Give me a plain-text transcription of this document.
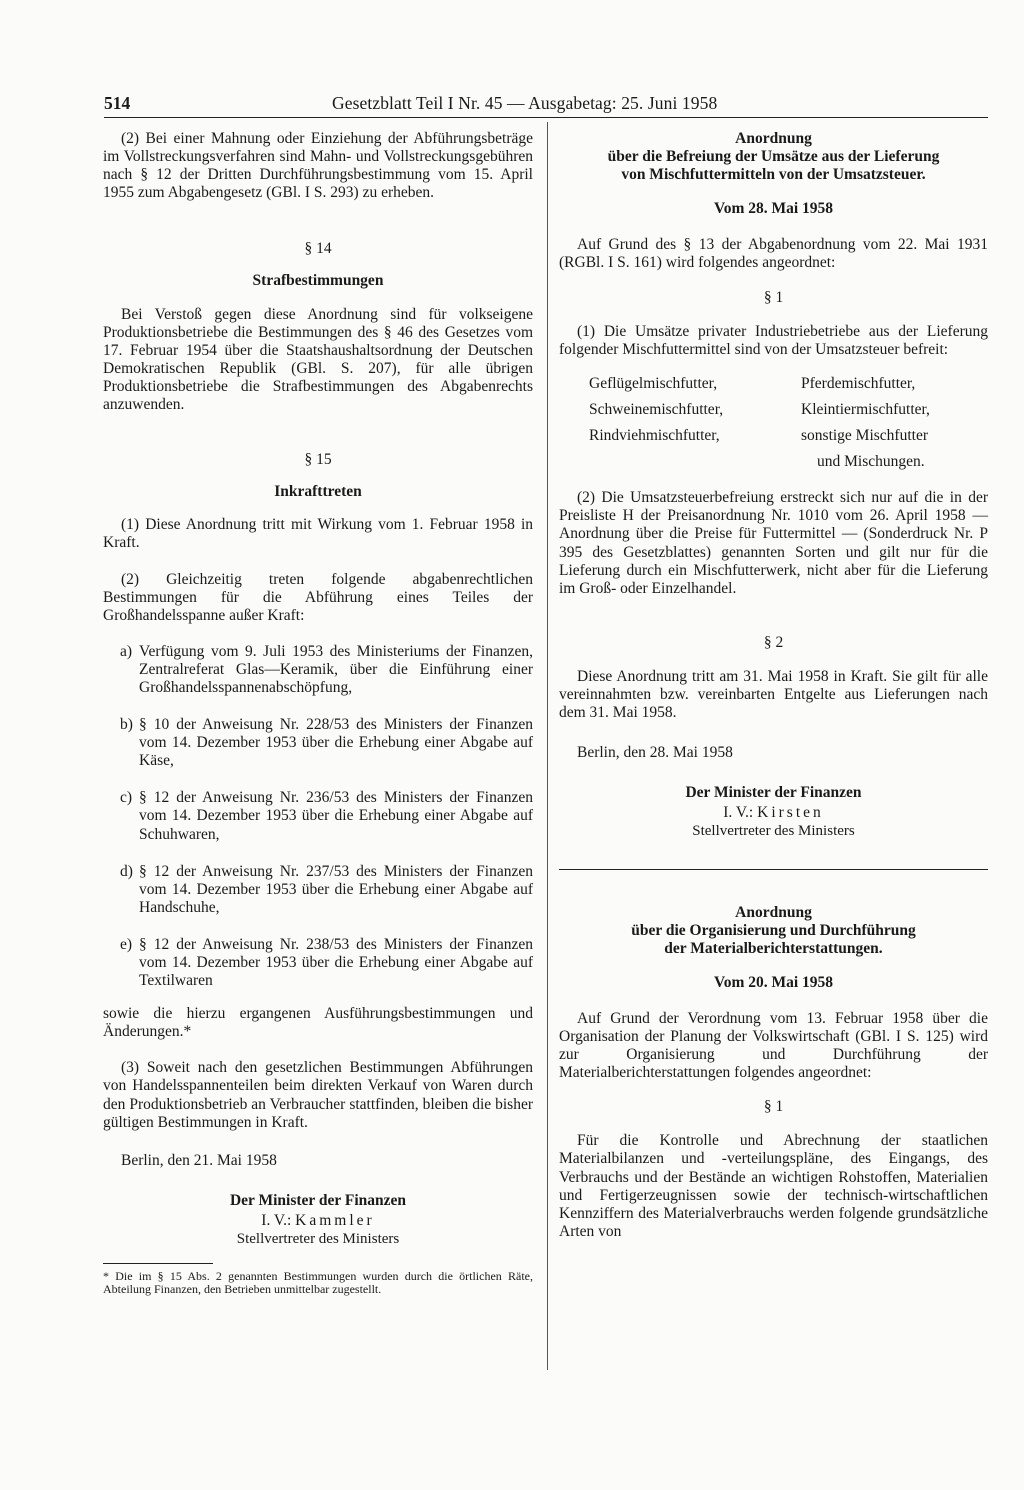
514	Gesetzblatt Teil I Nr. 45 — Ausgabetag: 25. Juni 1958

(2) Bei einer Mahnung oder Einziehung der Abführungsbeträge im Vollstreckungsverfahren sind Mahn- und Vollstreckungsgebühren nach § 12 der Dritten Durchführungsbestimmung vom 15. April 1955 zum Abgabengesetz (GBl. I S. 293) zu erheben.

§ 14

Strafbestimmungen

Bei Verstoß gegen diese Anordnung sind für volkseigene Produktionsbetriebe die Bestimmungen des § 46 des Gesetzes vom 17. Februar 1954 über die Staatshaushaltsordnung der Deutschen Demokratischen Republik (GBl. S. 207), für alle übrigen Produktionsbetriebe die Strafbestimmungen des Abgabenrechts anzuwenden.

§ 15

Inkrafttreten

(1) Diese Anordnung tritt mit Wirkung vom 1. Februar 1958 in Kraft.

(2) Gleichzeitig treten folgende abgabenrechtlichen Bestimmungen für die Abführung eines Teiles der Großhandelsspanne außer Kraft:

a) Verfügung vom 9. Juli 1953 des Ministeriums der Finanzen, Zentralreferat Glas—Keramik, über die Einführung einer Großhandelsspannenabschöpfung,
b) § 10 der Anweisung Nr. 228/53 des Ministers der Finanzen vom 14. Dezember 1953 über die Erhebung einer Abgabe auf Käse,
c) § 12 der Anweisung Nr. 236/53 des Ministers der Finanzen vom 14. Dezember 1953 über die Erhebung einer Abgabe auf Schuhwaren,
d) § 12 der Anweisung Nr. 237/53 des Ministers der Finanzen vom 14. Dezember 1953 über die Erhebung einer Abgabe auf Handschuhe,
e) § 12 der Anweisung Nr. 238/53 des Ministers der Finanzen vom 14. Dezember 1953 über die Erhebung einer Abgabe auf Textilwaren

sowie die hierzu ergangenen Ausführungsbestimmungen und Änderungen.*

(3) Soweit nach den gesetzlichen Bestimmungen Abführungen von Handelsspannenteilen beim direkten Verkauf von Waren durch den Produktionsbetrieb an Verbraucher stattfinden, bleiben die bisher gültigen Bestimmungen in Kraft.

Berlin, den 21. Mai 1958

Der Minister der Finanzen

I. V.: Kammler

Stellvertreter des Ministers

* Die im § 15 Abs. 2 genannten Bestimmungen wurden durch die örtlichen Räte, Abteilung Finanzen, den Betrieben unmittelbar zugestellt.

Anordnung

über die Befreiung der Umsätze aus der Lieferung

von Mischfuttermitteln von der Umsatzsteuer.

Vom 28. Mai 1958

Auf Grund des § 13 der Abgabenordnung vom 22. Mai 1931 (RGBl. I S. 161) wird folgendes angeordnet:

§ 1

(1) Die Umsätze privater Industriebetriebe aus der Lieferung folgender Mischfuttermittel sind von der Umsatzsteuer befreit:

Geflügelmischfutter,	Pferdemischfutter,
Schweinemischfutter,	Kleintiermischfutter,
Rindviehmischfutter,	sonstige Mischfutter
und Mischungen.

(2) Die Umsatzsteuerbefreiung erstreckt sich nur auf die in der Preisliste H der Preisanordnung Nr. 1010 vom 26. April 1958 — Anordnung über die Preise für Futtermittel — (Sonderdruck Nr. P 395 des Gesetzblattes) genannten Sorten und gilt nur für die Lieferung durch ein Mischfutterwerk, nicht aber für die Lieferung im Groß- oder Einzelhandel.

§ 2

Diese Anordnung tritt am 31. Mai 1958 in Kraft. Sie gilt für alle vereinnahmten bzw. vereinbarten Entgelte aus Lieferungen nach dem 31. Mai 1958.

Berlin, den 28. Mai 1958

Der Minister der Finanzen

I. V.: Kirsten

Stellvertreter des Ministers

Anordnung

über die Organisierung und Durchführung

der Materialberichterstattungen.

Vom 20. Mai 1958

Auf Grund der Verordnung vom 13. Februar 1958 über die Organisation der Planung der Volkswirtschaft (GBl. I S. 125) wird zur Organisierung und Durchführung der Materialberichterstattungen folgendes angeordnet:

§ 1

Für die Kontrolle und Abrechnung der staatlichen Materialbilanzen und -verteilungspläne, des Eingangs, des Verbrauchs und der Bestände an wichtigen Rohstoffen, Materialien und Fertigerzeugnissen sowie der technisch-wirtschaftlichen Kennziffern des Materialverbrauchs werden folgende grundsätzliche Arten von
